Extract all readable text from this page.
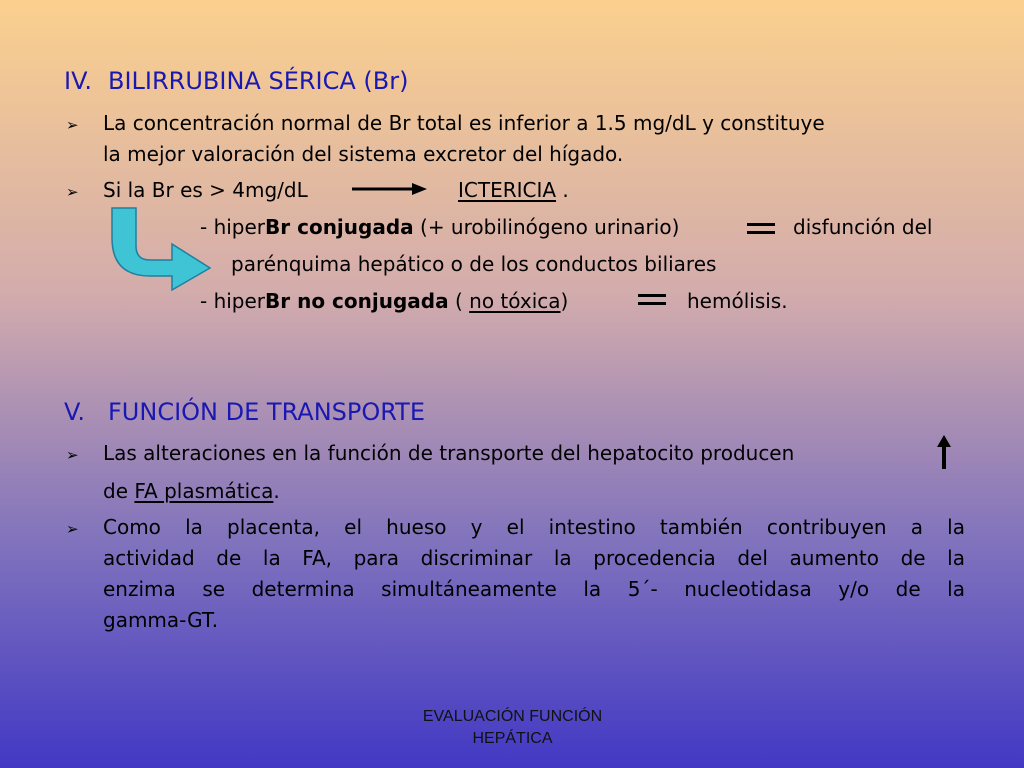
IV. BILIRRUBINA SÉRICA (Br)
➢ La concentración normal de Br total es inferior a 1.5 mg/dL y constituye
la mejor valoración del sistema excretor del hígado.
➢ Si la Br es > 4mg/dL	ICTERICIA .
- hiperBr conjugada (+ urobilinógeno urinario)	disfunción del
parénquima hepático o de los conductos biliares
- hiperBr no conjugada ( no tóxica)	hemólisis.
V. FUNCIÓN DE TRANSPORTE
➢ Las alteraciones en la función de transporte del hepatocito producen
de FA plasmática.
➢ Como la placenta, el hueso y el intestino también contribuyen a la
actividad de la FA, para discriminar la procedencia del aumento de la
enzima se determina simultáneamente la 5´- nucleotidasa y/o de la
gamma-GT.
EVALUACIÓN FUNCIÓN
HEPÁTICA
